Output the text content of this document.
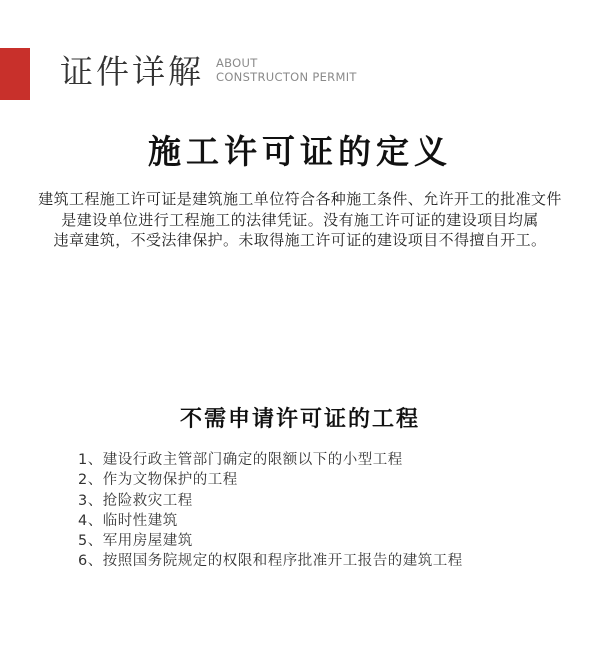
证件详解 ABOUT
CONSTRUCTON PERMIT
施工许可证的定义
建筑工程施工许可证是建筑施工单位符合各种施工条件、允许开工的批准文件
是建设单位进行工程施工的法律凭证。没有施工许可证的建设项目均属
违章建筑，不受法律保护。未取得施工许可证的建设项目不得擅自开工。
不需申请许可证的工程
1、建设行政主管部门确定的限额以下的小型工程
2、作为文物保护的工程
3、抢险救灾工程
4、临时性建筑
5、军用房屋建筑
6、按照国务院规定的权限和程序批准开工报告的建筑工程
